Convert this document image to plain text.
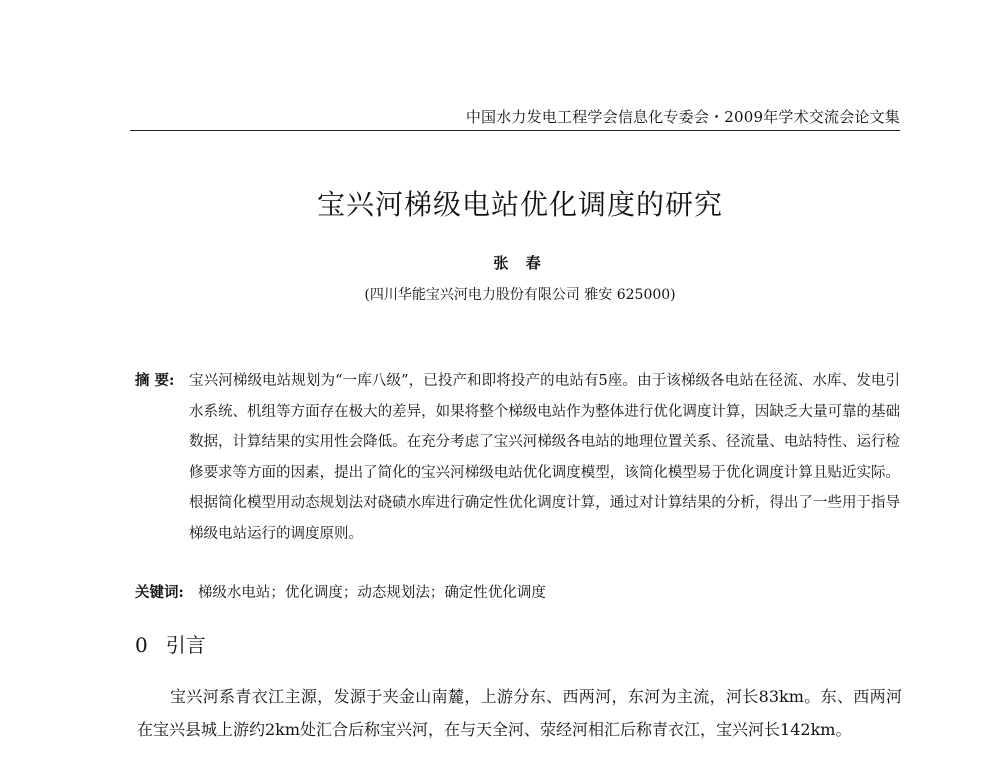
中国水力发电工程学会信息化专委会・2009年学术交流会论文集
宝兴河梯级电站优化调度的研究
张 春
(四川华能宝兴河电力股份有限公司 雅安 625000)
摘 要: 宝兴河梯级电站规划为“一库八级”，已投产和即将投产的电站有5座。由于该梯级各电站在径流、水库、发电引水系统、机组等方面存在极大的差异，如果将整个梯级电站作为整体进行优化调度计算，因缺乏大量可靠的基础数据，计算结果的实用性会降低。在充分考虑了宝兴河梯级各电站的地理位置关系、径流量、电站特性、运行检修要求等方面的因素，提出了简化的宝兴河梯级电站优化调度模型，该简化模型易于优化调度计算且贴近实际。根据简化模型用动态规划法对硗碛水库进行确定性优化调度计算，通过对计算结果的分析，得出了一些用于指导梯级电站运行的调度原则。
关键词: 梯级水电站；优化调度；动态规划法；确定性优化调度
0 引言
宝兴河系青衣江主源，发源于夹金山南麓，上游分东、西两河，东河为主流，河长83km。东、西两河在宝兴县城上游约2km处汇合后称宝兴河，在与天全河、荥经河相汇后称青衣江，宝兴河长142km。
